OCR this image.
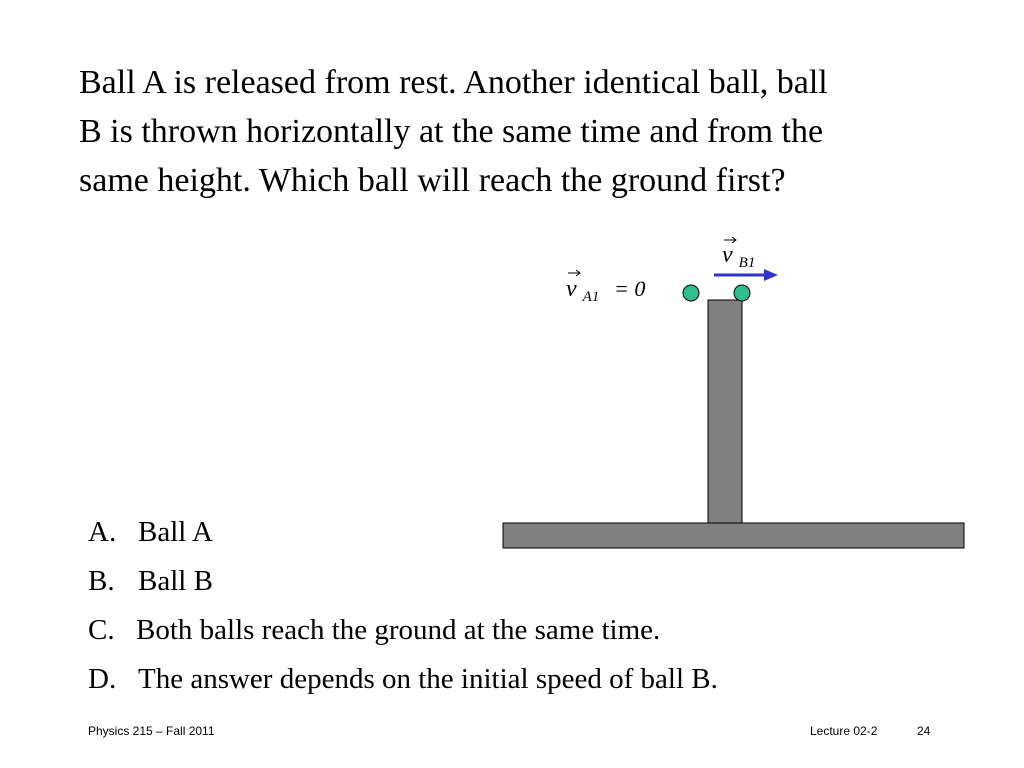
Ball A is released from rest. Another identical ball, ball
B is thrown horizontally at the same time and from the
same height. Which ball will reach the ground first?

v $_{A1}$ = 0
v $_{B1}$
A. Ball A
B. Ball B
C. Both balls reach the ground at the same time.
D. The answer depends on the initial speed of ball B.
Physics 215 – Fall 2011	Lecture 02-2	24
